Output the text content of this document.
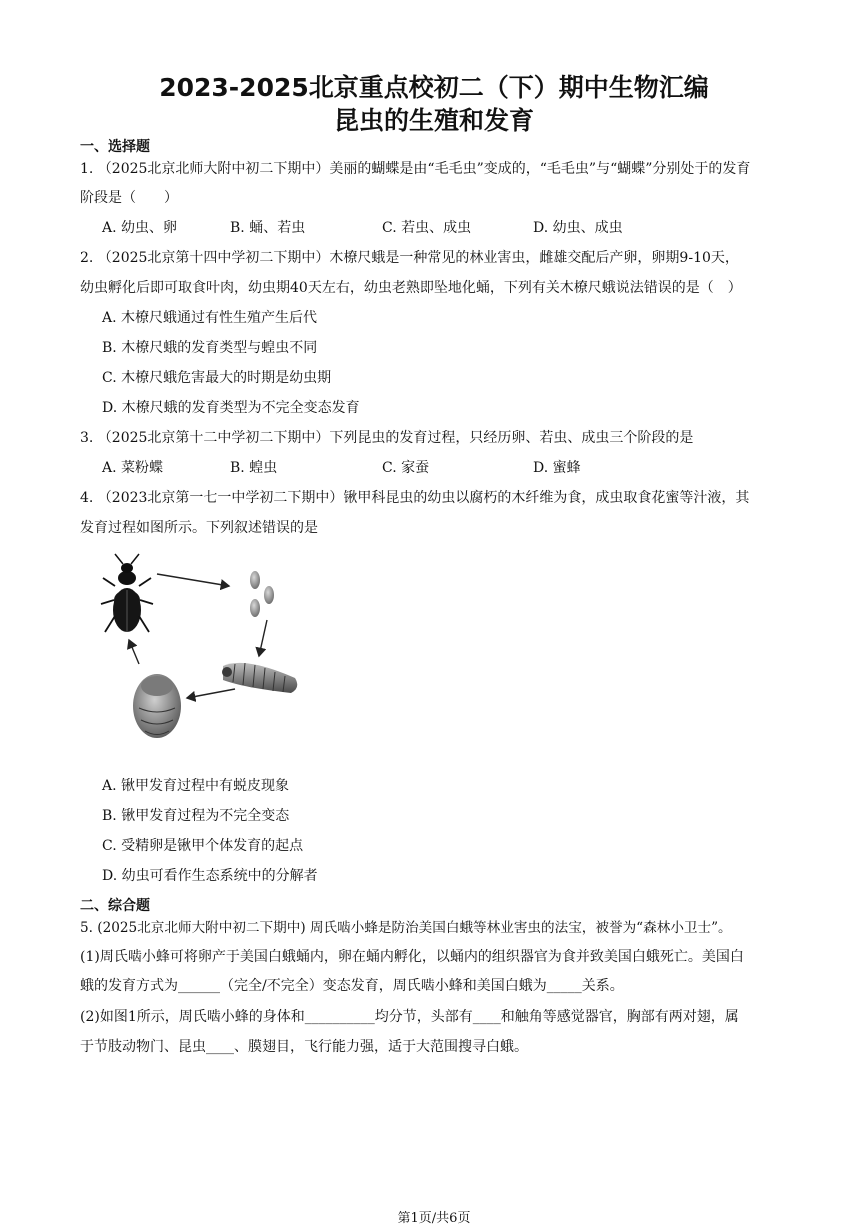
2023-2025北京重点校初二（下）期中生物汇编
昆虫的生殖和发育
一、选择题
1. （2025北京北师大附中初二下期中）美丽的蝴蝶是由“毛毛虫”变成的，“毛毛虫”与“蝴蝶”分别处于的发育
阶段是（　　）
A. 幼虫、卵	B. 蛹、若虫	C. 若虫、成虫	D. 幼虫、成虫
2. （2025北京第十四中学初二下期中）木橑尺蛾是一种常见的林业害虫，雌雄交配后产卵，卵期9-10天，
幼虫孵化后即可取食叶肉，幼虫期40天左右，幼虫老熟即坠地化蛹，下列有关木橑尺蛾说法错误的是（　）
A. 木橑尺蛾通过有性生殖产生后代
B. 木橑尺蛾的发育类型与蝗虫不同
C. 木橑尺蛾危害最大的时期是幼虫期
D. 木橑尺蛾的发育类型为不完全变态发育
3. （2025北京第十二中学初二下期中）下列昆虫的发育过程，只经历卵、若虫、成虫三个阶段的是
A. 菜粉蝶	B. 蝗虫	C. 家蚕	D. 蜜蜂
4. （2023北京第一七一中学初二下期中）锹甲科昆虫的幼虫以腐朽的木纤维为食，成虫取食花蜜等汁液，其
发育过程如图所示。下列叙述错误的是
A. 锹甲发育过程中有蜕皮现象
B. 锹甲发育过程为不完全变态
C. 受精卵是锹甲个体发育的起点
D. 幼虫可看作生态系统中的分解者
二、综合题
5. (2025北京北师大附中初二下期中) 周氏啮小蜂是防治美国白蛾等林业害虫的法宝，被誉为“森林小卫士”。
(1)周氏啮小蜂可将卵产于美国白蛾蛹内，卵在蛹内孵化，以蛹内的组织器官为食并致美国白蛾死亡。美国白
蛾的发育方式为______（完全/不完全）变态发育，周氏啮小蜂和美国白蛾为_____关系。
(2)如图1所示，周氏啮小蜂的身体和__________均分节，头部有____和触角等感觉器官，胸部有两对翅，属
于节肢动物门、昆虫____、膜翅目，飞行能力强，适于大范围搜寻白蛾。
第1页/共6页
